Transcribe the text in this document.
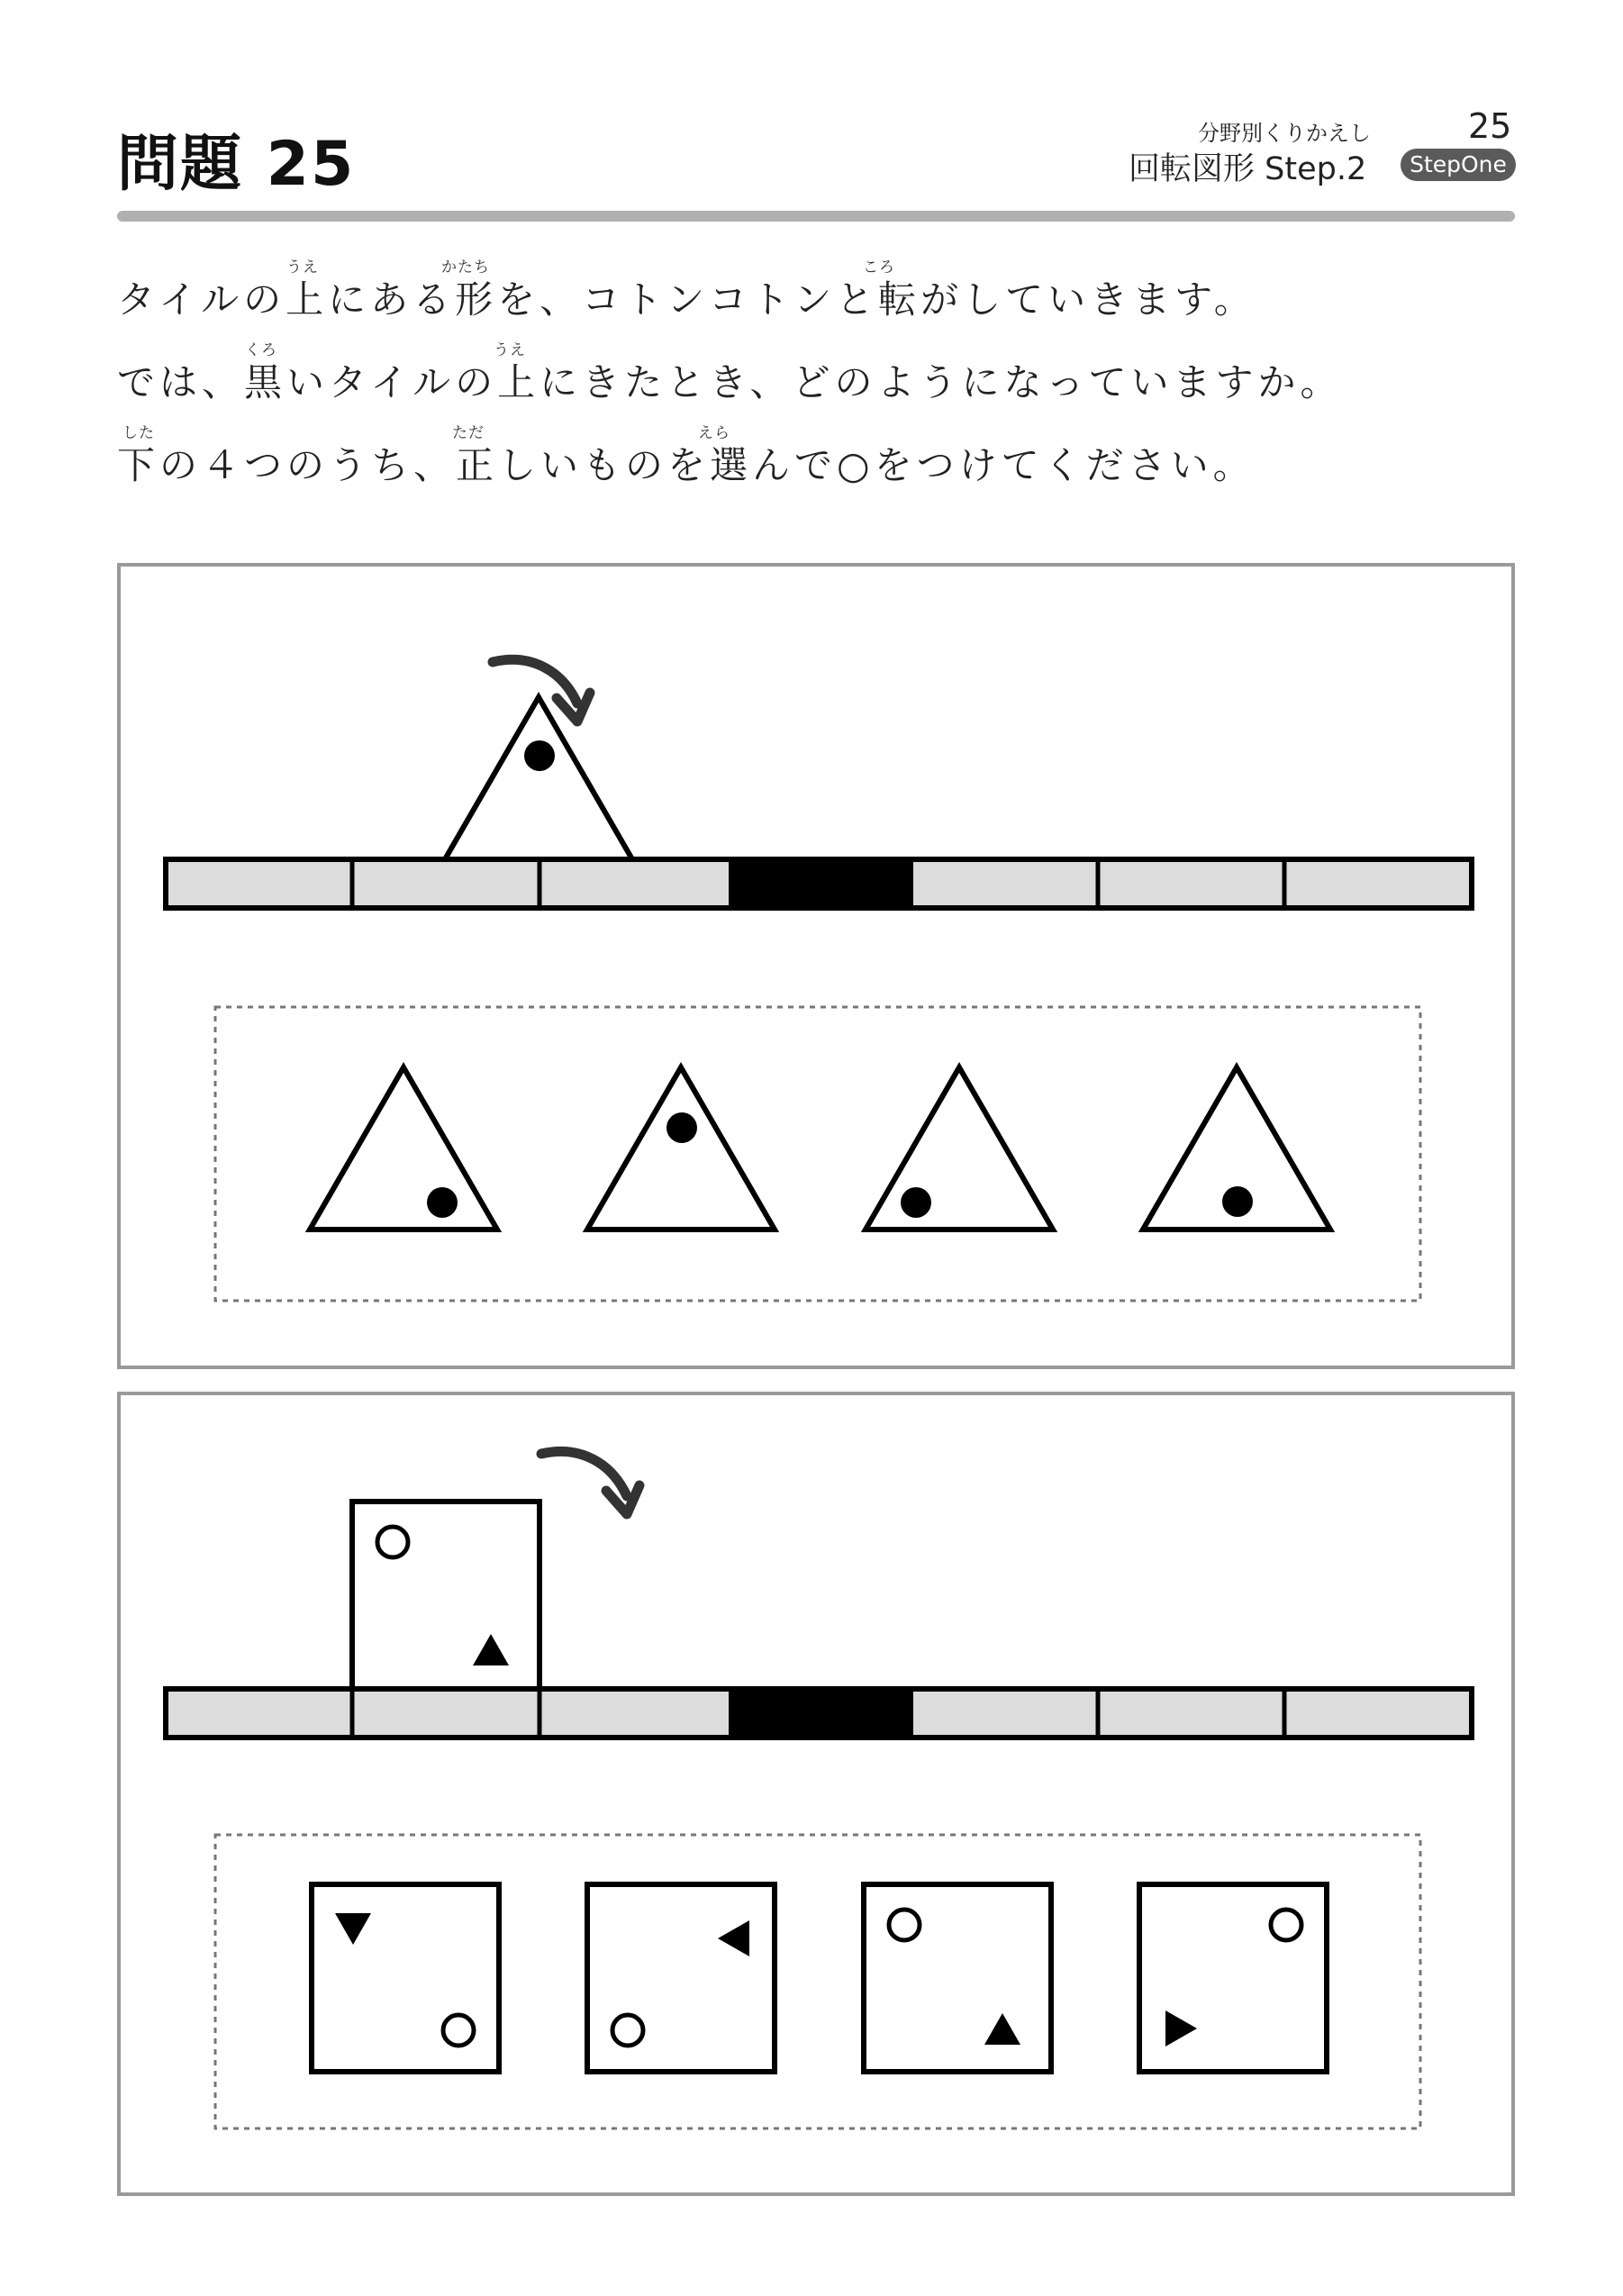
問題 25	分野別くりかえし	25
回転図形 Step.2	StepOne
うえ	かたち	ころ
タイルの上にある形を、コトンコトンと転がしていきます。
くろ	うえ
では、黒いタイルの上にきたとき、どのようになっていますか。
した	ただ	えら
下の４つのうち、正しいものを選んで○をつけてください。
